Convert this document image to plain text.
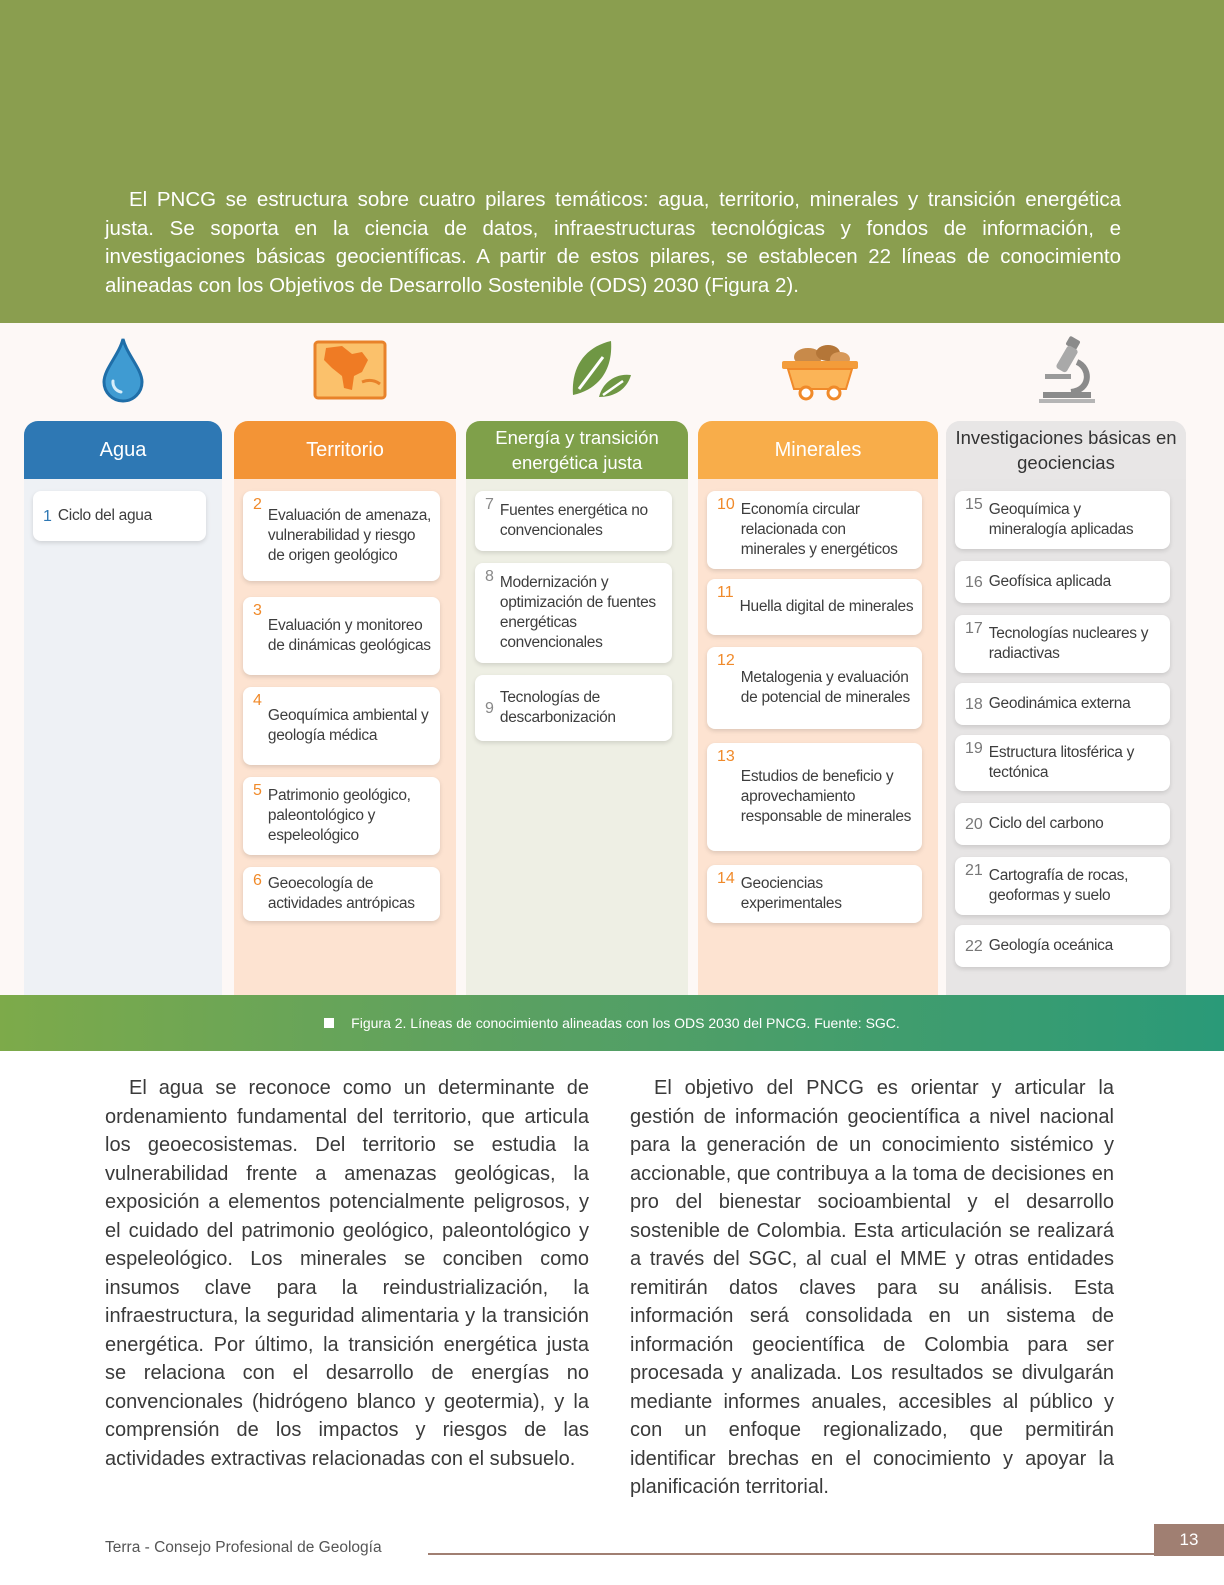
El PNCG se estructura sobre cuatro pilares temáticos: agua, territorio, minerales y transición energética justa. Se soporta en la ciencia de datos, infraestructuras tecnológicas y fondos de información, e investigaciones básicas geocientíficas. A partir de estos pilares, se establecen 22 líneas de conocimiento alineadas con los Objetivos de Desarrollo Sostenible (ODS) 2030 (Figura 2).

Agua
1 Ciclo del agua
Territorio
2
Evaluación de amenaza, vulnerabilidad y riesgo de origen geológico
3
Evaluación y monitoreo de dinámicas geológicas
4
Geoquímica ambiental y geología médica
5 Patrimonio geológico, paleontológico y espeleológico
6 Geoecología de actividades antrópicas
Energía y transición energética justa
7 Fuentes energética no convencionales
8 Modernización y optimización de fuentes energéticas convencionales
9
Tecnologías de descarbonización
Minerales
10 Economía circular relacionada con minerales y energéticos
11
Huella digital de minerales
12
Metalogenia y evaluación de potencial de minerales
13
Estudios de beneficio y aprovechamiento responsable de minerales
14 Geociencias experimentales
Investigaciones básicas en geociencias
15 Geoquímica y mineralogía aplicadas
16 Geofísica aplicada
17 Tecnologías nucleares y radiactivas
18 Geodinámica externa
19 Estructura litosférica y tectónica
20 Ciclo del carbono
21 Cartografía de rocas, geoformas y suelo
22 Geología oceánica
Figura 2. Líneas de conocimiento alineadas con los ODS 2030 del PNCG. Fuente: SGC.

El agua se reconoce como un determinante de ordenamiento fundamental del territorio, que articula los geoecosistemas. Del territorio se estudia la vulnerabilidad frente a amenazas geológicas, la exposición a elementos potencialmente peligrosos, y el cuidado del patrimonio geológico, paleontológico y espeleológico. Los minerales se conciben como insumos clave para la reindustrialización, la infraestructura, la seguridad alimentaria y la transición energética. Por último, la transición energética justa se relaciona con el desarrollo de energías no convencionales (hidrógeno blanco y geotermia), y la comprensión de los impactos y riesgos de las actividades extractivas relacionadas con el subsuelo.

El objetivo del PNCG es orientar y articular la gestión de información geocientífica a nivel nacional para la generación de un conocimiento sistémico y accionable, que contribuya a la toma de decisiones en pro del bienestar socioambiental y el desarrollo sostenible de Colombia. Esta articulación se realizará a través del SGC, al cual el MME y otras entidades remitirán datos claves para su análisis. Esta información será consolidada en un sistema de información geocientífica de Colombia para ser procesada y analizada. Los resultados se divulgarán mediante informes anuales, accesibles al público y con un enfoque regionalizado, que permitirán identificar brechas en el conocimiento y apoyar la planificación territorial.

Terra - Consejo Profesional de Geología	13
